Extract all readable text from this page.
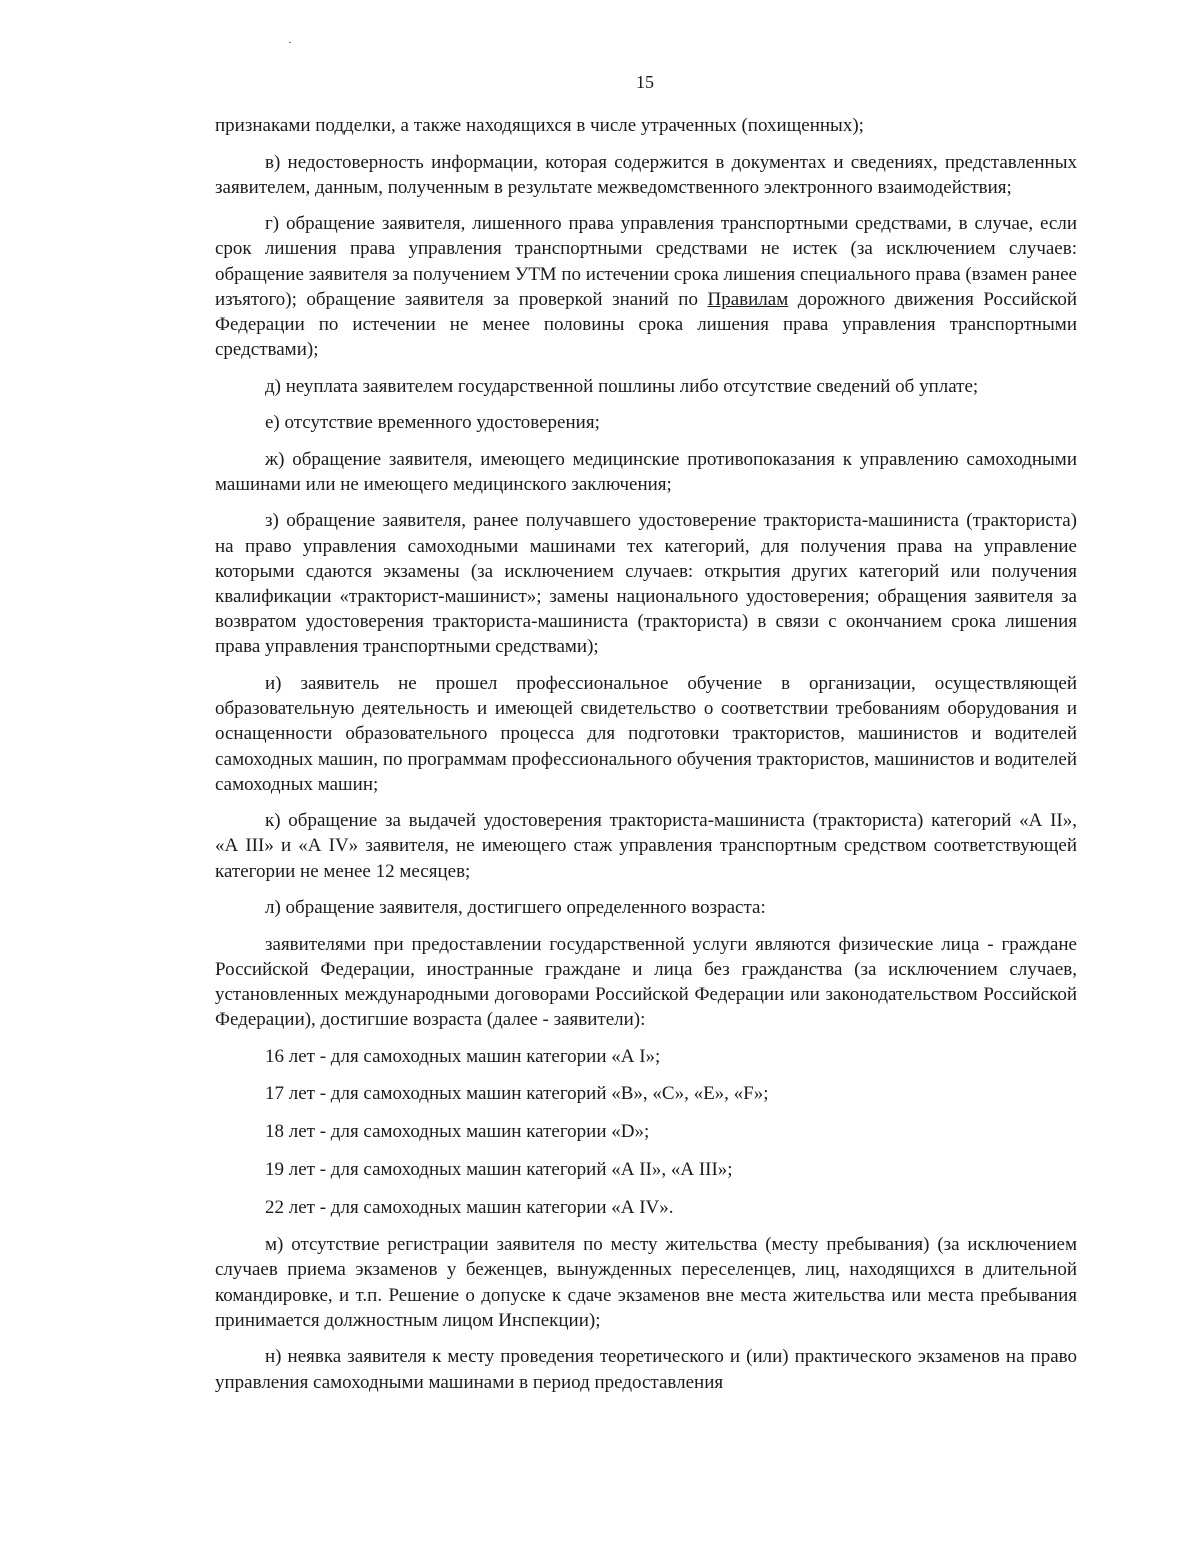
15

признаками подделки, а также находящихся в числе утраченных (похищенных);

в) недостоверность информации, которая содержится в документах и сведениях, представленных заявителем, данным, полученным в результате межведомственного электронного взаимодействия;

г) обращение заявителя, лишенного права управления транспортными средствами, в случае, если срок лишения права управления транспортными средствами не истек (за исключением случаев: обращение заявителя за получением УТМ по истечении срока лишения специального права (взамен ранее изъятого); обращение заявителя за проверкой знаний по Правилам дорожного движения Российской Федерации по истечении не менее половины срока лишения права управления транспортными средствами);

д) неуплата заявителем государственной пошлины либо отсутствие сведений об уплате;

е) отсутствие временного удостоверения;

ж) обращение заявителя, имеющего медицинские противопоказания к управлению самоходными машинами или не имеющего медицинского заключения;

з) обращение заявителя, ранее получавшего удостоверение тракториста-машиниста (тракториста) на право управления самоходными машинами тех категорий, для получения права на управление которыми сдаются экзамены (за исключением случаев: открытия других категорий или получения квалификации «тракторист-машинист»; замены национального удостоверения; обращения заявителя за возвратом удостоверения тракториста-машиниста (тракториста) в связи с окончанием срока лишения права управления транспортными средствами);

и) заявитель не прошел профессиональное обучение в организации, осуществляющей образовательную деятельность и имеющей свидетельство о соответствии требованиям оборудования и оснащенности образовательного процесса для подготовки трактористов, машинистов и водителей самоходных машин, по программам профессионального обучения трактористов, машинистов и водителей самоходных машин;

к) обращение за выдачей удостоверения тракториста-машиниста (тракториста) категорий «А II», «А III» и «А IV» заявителя, не имеющего стаж управления транспортным средством соответствующей категории не менее 12 месяцев;

л) обращение заявителя, достигшего определенного возраста:

заявителями при предоставлении государственной услуги являются физические лица - граждане Российской Федерации, иностранные граждане и лица без гражданства (за исключением случаев, установленных международными договорами Российской Федерации или законодательством Российской Федерации), достигшие возраста (далее - заявители):

16 лет - для самоходных машин категории «А I»;

17 лет - для самоходных машин категорий «В», «С», «Е», «F»;

18 лет - для самоходных машин категории «D»;

19 лет - для самоходных машин категорий «А II», «А III»;

22 лет - для самоходных машин категории «А IV».

м) отсутствие регистрации заявителя по месту жительства (месту пребывания) (за исключением случаев приема экзаменов у беженцев, вынужденных переселенцев, лиц, находящихся в длительной командировке, и т.п. Решение о допуске к сдаче экзаменов вне места жительства или места пребывания принимается должностным лицом Инспекции);

н) неявка заявителя к месту проведения теоретического и (или) практического экзаменов на право управления самоходными машинами в период предоставления
